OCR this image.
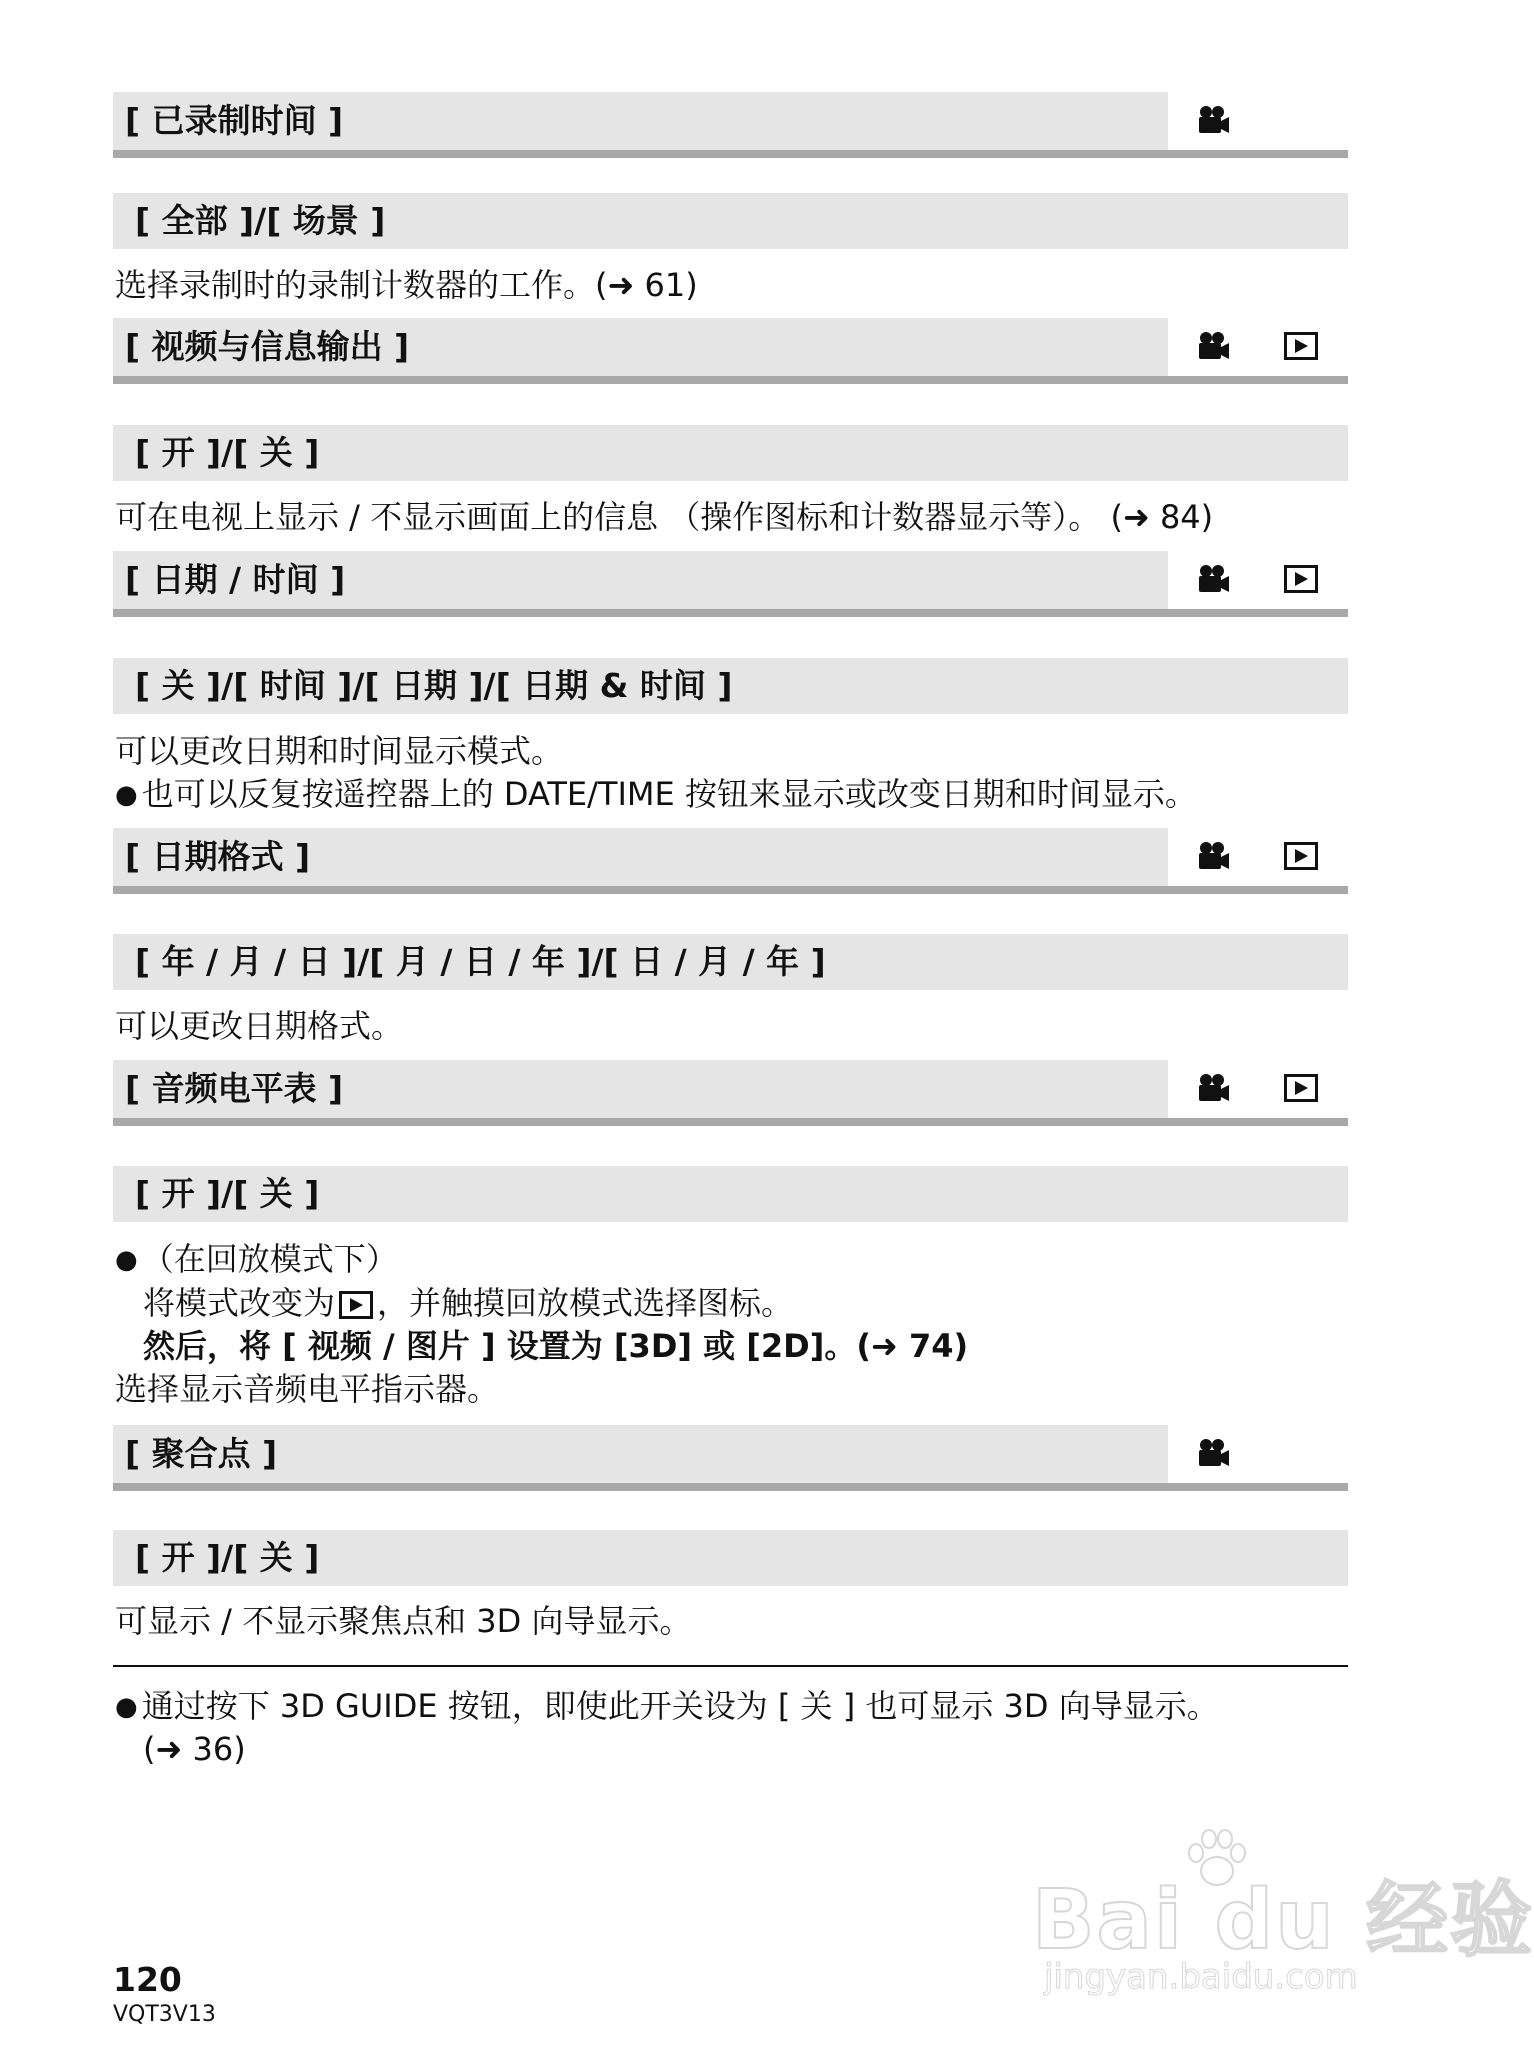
[ 已录制时间 ]
[ 全部 ]/[ 场景 ]
选择录制时的录制计数器的工作。(➜ 61)
[ 视频与信息输出 ]
[ 开 ]/[ 关 ]
可在电视上显示 / 不显示画面上的信息 （操作图标和计数器显示等）。 (➜ 84)
[ 日期 / 时间 ]
[ 关 ]/[ 时间 ]/[ 日期 ]/[ 日期 & 时间 ]
可以更改日期和时间显示模式。
● 也可以反复按遥控器上的 DATE/TIME 按钮来显示或改变日期和时间显示。
[ 日期格式 ]
[ 年 / 月 / 日 ]/[ 月 / 日 / 年 ]/[ 日 / 月 / 年 ]
可以更改日期格式。
[ 音频电平表 ]
[ 开 ]/[ 关 ]
● （在回放模式下）
将模式改变为 ，并触摸回放模式选择图标。
然后，将 [ 视频 / 图片 ] 设置为 [3D] 或 [2D]。(➜ 74)
选择显示音频电平指示器。
[ 聚合点 ]
[ 开 ]/[ 关 ]
可显示 / 不显示聚焦点和 3D 向导显示。
● 通过按下 3D GUIDE 按钮，即使此开关设为 [ 关 ] 也可显示 3D 向导显示。
(➜ 36)
120
VQT3V13
Bai du 经验
jingyan.baidu.com
